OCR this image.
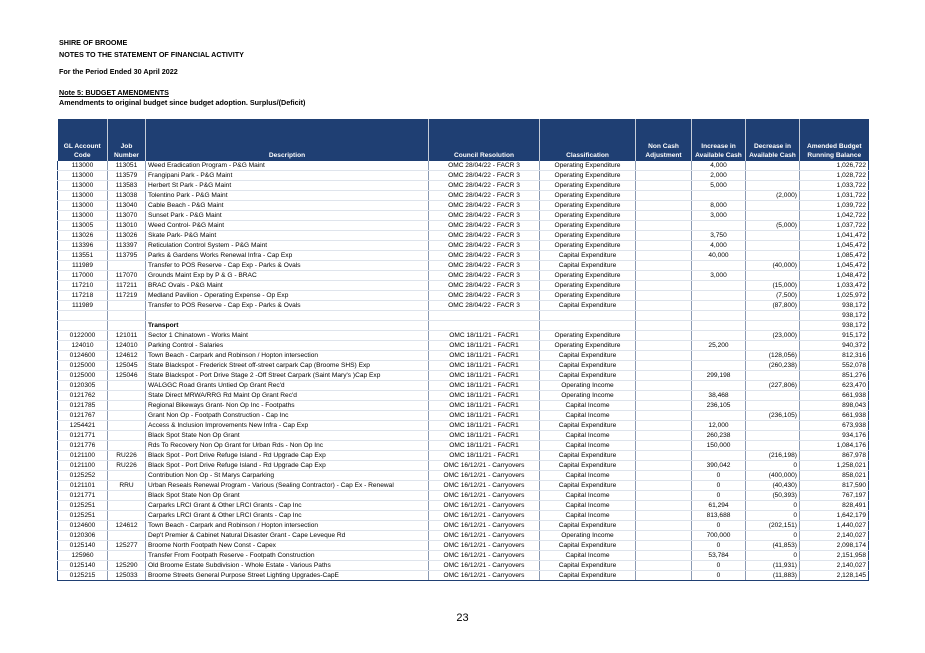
SHIRE OF BROOME
NOTES TO THE STATEMENT OF FINANCIAL ACTIVITY
For the Period Ended 30 April 2022
Note 5: BUDGET AMENDMENTS
Amendments to original budget since budget adoption. Surplus/(Deficit)
GL Account Code	Job Number	Description	Council Resolution	Classification	Non Cash Adjustment	Increase in Available Cash	Decrease in Available Cash	Amended Budget Running Balance
113000	113051	Weed Eradication Program - P&G Maint	OMC 28/04/22 - FACR 3	Operating Expenditure		4,000		1,026,722
113000	113579	Frangipani Park - P&G Maint	OMC 28/04/22 - FACR 3	Operating Expenditure		2,000		1,028,722
113000	113583	Herbert St Park - P&G Maint	OMC 28/04/22 - FACR 3	Operating Expenditure		5,000		1,033,722
113000	113038	Tolentino Park - P&G Maint	OMC 28/04/22 - FACR 3	Operating Expenditure			(2,000)	1,031,722
113000	113040	Cable Beach - P&G Maint	OMC 28/04/22 - FACR 3	Operating Expenditure		8,000		1,039,722
113000	113070	Sunset Park - P&G Maint	OMC 28/04/22 - FACR 3	Operating Expenditure		3,000		1,042,722
113005	113010	Weed Control- P&G Maint	OMC 28/04/22 - FACR 3	Operating Expenditure			(5,000)	1,037,722
113026	113026	Skate Park- P&G Maint	OMC 28/04/22 - FACR 3	Operating Expenditure		3,750		1,041,472
113396	113397	Reticulation Control System - P&G Maint	OMC 28/04/22 - FACR 3	Operating Expenditure		4,000		1,045,472
113551	113795	Parks & Gardens Works Renewal Infra - Cap Exp	OMC 28/04/22 - FACR 3	Capital Expenditure		40,000		1,085,472
111989		Transfer to POS Reserve - Cap Exp - Parks & Ovals	OMC 28/04/22 - FACR 3	Capital Expenditure			(40,000)	1,045,472
117000	117070	Grounds Maint Exp by P & G - BRAC	OMC 28/04/22 - FACR 3	Operating Expenditure		3,000		1,048,472
117210	117211	BRAC Ovals - P&G Maint	OMC 28/04/22 - FACR 3	Operating Expenditure			(15,000)	1,033,472
117218	117219	Medland Pavilion - Operating Expense - Op Exp	OMC 28/04/22 - FACR 3	Operating Expenditure			(7,500)	1,025,972
111989		Transfer to POS Reserve - Cap Exp - Parks & Ovals	OMC 28/04/22 - FACR 3	Capital Expenditure			(87,800)	938,172
								938,172
		Transport						938,172
0122000	121011	Sector 1 Chinatown - Works Maint	OMC 18/11/21 - FACR1	Operating Expenditure			(23,000)	915,172
124010	124010	Parking Control - Salaries	OMC 18/11/21 - FACR1	Operating Expenditure		25,200		940,372
0124600	124612	Town Beach - Carpark and Robinson / Hopton intersection	OMC 18/11/21 - FACR1	Capital Expenditure			(128,056)	812,316
0125000	125045	State Blackspot - Frederick Street off-street carpark Cap (Broome SHS) Exp	OMC 18/11/21 - FACR1	Capital Expenditure			(260,238)	552,078
0125000	125046	State Blackspot - Port Drive Stage 2 -Off Street Carpark (Saint Mary's )Cap Exp	OMC 18/11/21 - FACR1	Capital Expenditure		299,198		851,276
0120305		WALGGC Road Grants Untied Op Grant Rec'd	OMC 18/11/21 - FACR1	Operating Income			(227,806)	623,470
0121762		State Direct MRWA/RRG Rd Maint Op Grant Rec'd	OMC 18/11/21 - FACR1	Operating Income		38,468		661,938
0121785		Regional Bikeways Grant- Non Op Inc - Footpaths	OMC 18/11/21 - FACR1	Capital Income		236,105		898,043
0121767		Grant Non Op - Footpath Construction - Cap Inc	OMC 18/11/21 - FACR1	Capital Income			(236,105)	661,938
1254421		Access & Inclusion Improvements New Infra - Cap Exp	OMC 18/11/21 - FACR1	Capital Expenditure		12,000		673,938
0121771		Black Spot State Non Op Grant	OMC 18/11/21 - FACR1	Capital Income		260,238		934,176
0121776		Rds To Recovery Non Op Grant for Urban Rds - Non Op Inc	OMC 18/11/21 - FACR1	Capital Income		150,000		1,084,176
0121100	RU226	Black Spot - Port Drive Refuge Island - Rd Upgrade Cap Exp	OMC 18/11/21 - FACR1	Capital Expenditure			(216,198)	867,978
0121100	RU226	Black Spot - Port Drive Refuge Island - Rd Upgrade Cap Exp	OMC 16/12/21 - Carryovers	Capital Expenditure		390,042	0	1,258,021
0125252		Contribution Non Op - St Marys Carparking	OMC 16/12/21 - Carryovers	Capital Income		0	(400,000)	858,021
0121101	RRU	Urban Reseals Renewal Program - Various (Sealing Contractor) - Cap Ex - Renewal	OMC 16/12/21 - Carryovers	Capital Expenditure		0	(40,430)	817,590
0121771		Black Spot State Non Op Grant	OMC 16/12/21 - Carryovers	Capital Income		0	(50,393)	767,197
0125251		Carparks LRCI Grant & Other LRCI Grants - Cap Inc	OMC 16/12/21 - Carryovers	Capital Income		61,294	0	828,491
0125251		Carparks LRCI Grant & Other LRCI Grants - Cap Inc	OMC 16/12/21 - Carryovers	Capital Income		813,688	0	1,642,179
0124600	124612	Town Beach - Carpark and Robinson / Hopton intersection	OMC 16/12/21 - Carryovers	Capital Expenditure		0	(202,151)	1,440,027
0120306		Dep't Premier & Cabinet Natural Disaster Grant - Cape Leveque Rd	OMC 16/12/21 - Carryovers	Operating Income		700,000	0	2,140,027
0125140	125277	Broome North Footpath New Const - Capex	OMC 16/12/21 - Carryovers	Capital Expenditure		0	(41,853)	2,098,174
125960		Transfer From Footpath Reserve - Footpath Construction	OMC 16/12/21 - Carryovers	Capital Income		53,784	0	2,151,958
0125140	125290	Old Broome Estate Subdivision - Whole Estate - Various Paths	OMC 16/12/21 - Carryovers	Capital Expenditure		0	(11,931)	2,140,027
0125215	125033	Broome Streets General Purpose Street Lighting Upgrades-CapE	OMC 16/12/21 - Carryovers	Capital Expenditure		0	(11,883)	2,128,145
23
